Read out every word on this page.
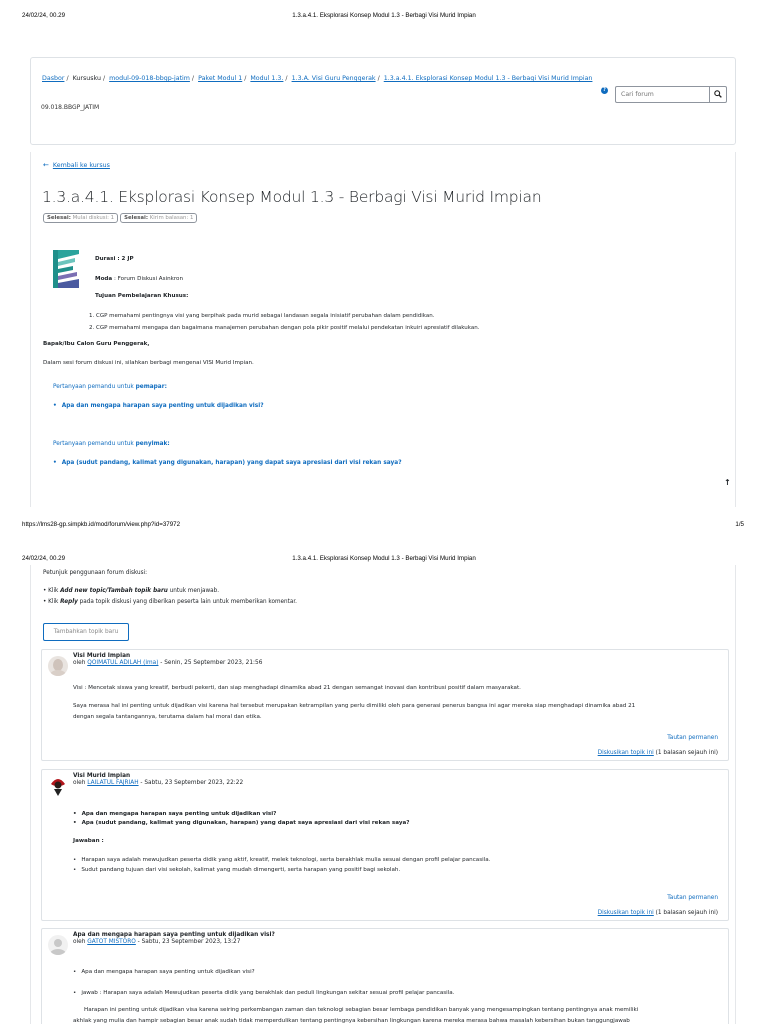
24/02/24, 00.29	1.3.a.4.1. Eksplorasi Konsep Modul 1.3 - Berbagi Visi Murid Impian
Dasbor / Kursusku / modul-09-018-bbgp-jatim / Paket Modul 1 / Modul 1.3. / 1.3.A. Visi Guru Penggerak / 1.3.a.4.1. Eksplorasi Konsep Modul 1.3 - Berbagi Visi Murid Impian
?
Cari forum
09.018.BBGP_JATIM
← Kembali ke kursus
1.3.a.4.1. Eksplorasi Konsep Modul 1.3 - Berbagi Visi Murid Impian
Selesai: Mulai diskusi: 1	Selesai: Kirim balasan: 1
Durasi : 2 JP
Moda : Forum Diskusi Asinkron
Tujuan Pembelajaran Khusus:
1. CGP memahami pentingnya visi yang berpihak pada murid sebagai landasan segala inisiatif perubahan dalam pendidikan.
2. CGP memahami mengapa dan bagaimana manajemen perubahan dengan pola pikir positif melalui pendekatan inkuiri apresiatif dilakukan.
Bapak/Ibu Calon Guru Penggerak,
Dalam sesi forum diskusi ini, silahkan berbagi mengenai VISI Murid Impian.
Pertanyaan pemandu untuk pemapar:
• Apa dan mengapa harapan saya penting untuk dijadikan visi?
Pertanyaan pemandu untuk penyimak:
• Apa (sudut pandang, kalimat yang digunakan, harapan) yang dapat saya apresiasi dari visi rekan saya?
↑
https://lms28-gp.simpkb.id/mod/forum/view.php?id=37972	1/5
24/02/24, 00.29	1.3.a.4.1. Eksplorasi Konsep Modul 1.3 - Berbagi Visi Murid Impian
Petunjuk penggunaan forum diskusi:
• Klik Add new topic/Tambah topik baru untuk menjawab.
• Klik Reply pada topik diskusi yang diberikan peserta lain untuk memberikan komentar.
Tambahkan topik baru
Visi Murid Impian
oleh QOIMATUL ADILAH (ima) - Senin, 25 September 2023, 21:56
Visi : Mencetak siswa yang kreatif, berbudi pekerti, dan siap menghadapi dinamika abad 21 dengan semangat inovasi dan kontribusi positif dalam masyarakat.
Saya merasa hal ini penting untuk dijadikan visi karena hal tersebut merupakan ketrampilan yang perlu dimiliki oleh para generasi penerus bangsa ini agar mereka siap menghadapi dinamika abad 21
dengan segala tantangannya, terutama dalam hal moral dan etika.
Tautan permanen
Diskusikan topik ini (1 balasan sejauh ini)
Visi Murid Impian
oleh LAILATUL FAJRIAH - Sabtu, 23 September 2023, 22:22
• Apa dan mengapa harapan saya penting untuk dijadikan visi?
• Apa (sudut pandang, kalimat yang digunakan, harapan) yang dapat saya apresiasi dari visi rekan saya?
Jawaban :
• Harapan saya adalah mewujudkan peserta didik yang aktif, kreatif, melek teknologi, serta berakhlak mulia sesuai dengan profil pelajar pancasila.
• Sudut pandang tujuan dari visi sekolah, kalimat yang mudah dimengerti, serta harapan yang positif bagi sekolah.
Tautan permanen
Diskusikan topik ini (1 balasan sejauh ini)
Apa dan mengapa harapan saya penting untuk dijadikan visi?
oleh GATOT MISTORO - Sabtu, 23 September 2023, 13:27
• Apa dan mengapa harapan saya penting untuk dijadikan visi?
• jawab : Harapan saya adalah Mewujudkan peserta didik yang berakhlak dan peduli lingkungan sekitar sesuai profil pelajar pancasila.
Harapan ini penting untuk dijadikan visa karena seiring perkembangan zaman dan teknologi sebagian besar lembaga pendidikan banyak yang mengesampingkan tentang pentingnya anak memiliki
akhlak yang mulia dan hampir sebagian besar anak sudah tidak memperdulikan tentang pentingnya kebersihan lingkungan karena mereka merasa bahwa masalah kebersihan bukan tanggungjawab
